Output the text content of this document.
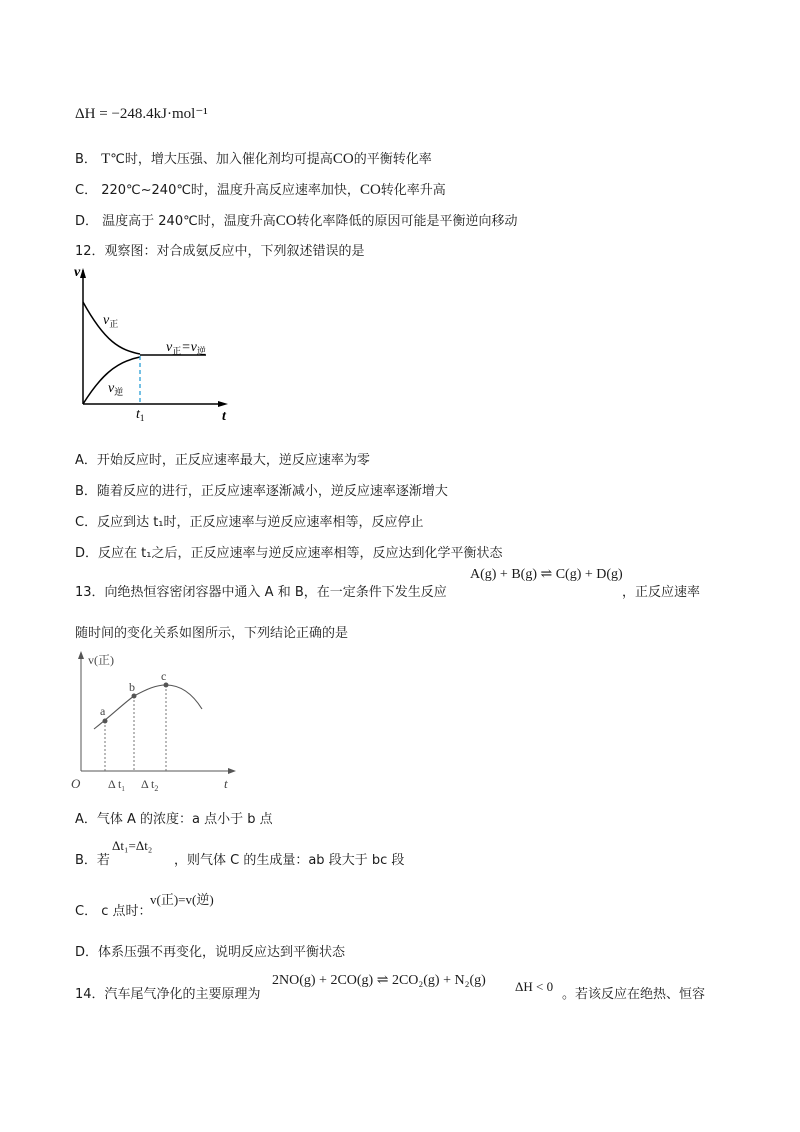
ΔH = −248.4kJ·mol⁻¹
B． T℃时，增大压强、加入催化剂均可提高CO的平衡转化率
C． 220℃~240℃时，温度升高反应速率加快，CO转化率升高
D． 温度高于 240℃时，温度升高CO转化率降低的原因可能是平衡逆向移动
12．观察图：对合成氨反应中，下列叙述错误的是
v
t
$v_正$
$v_逆$
$v_正=v_逆$
$t_1$
A．开始反应时，正反应速率最大，逆反应速率为零
B．随着反应的进行，正反应速率逐渐减小，逆反应速率逐渐增大
C．反应到达 t₁时，正反应速率与逆反应速率相等，反应停止
D．反应在 t₁之后，正反应速率与逆反应速率相等，反应达到化学平衡状态
13．向绝热恒容密闭容器中通入 A 和 B，在一定条件下发生反应
A(g) + B(g) ⇌ C(g) + D(g)
，正反应速率
随时间的变化关系如图所示，下列结论正确的是
v(正)
t
O
a
b
c
Δ $t_1$ Δ $t_2$
A．气体 A 的浓度：a 点小于 b 点
B．若
Δt₁=Δt₂
，则气体 C 的生成量：ab 段大于 bc 段
C． c 点时：
v(正)=v(逆)
D．体系压强不再变化，说明反应达到平衡状态
14．汽车尾气净化的主要原理为
2NO(g) + 2CO(g) ⇌ 2CO₂(g) + N₂(g) ΔH < 0
。若该反应在绝热、恒容
